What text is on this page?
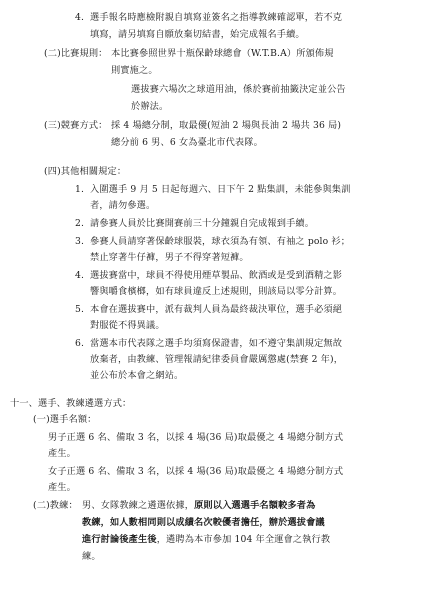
4. 選手報名時應檢附親自填寫並簽名之指導教練確認單，若不克
填寫，請另填寫自願放棄切結書，始完成報名手續。
(二)比賽規則： 本比賽參照世界十瓶保齡球總會（W.T.B.A）所頒佈規
則實施之。
選拔賽六場次之球道用油，係於賽前抽籤決定並公告
於辦法。
(三)競賽方式： 採 4 場總分制，取最優(短油 2 場與長油 2 場共 36 局)
總分前 6 男、6 女為臺北市代表隊。
(四)其他相關規定：
1. 入圍選手 9 月 5 日起每週六、日下午 2 點集訓，未能參與集訓
者，請勿參選。
2. 請參賽人員於比賽開賽前三十分鐘親自完成報到手續。
3. 參賽人員請穿著保齡球服裝，球衣須為有領、有袖之 polo 衫；
禁止穿著牛仔褲，男子不得穿著短褲。
4. 選拔賽當中，球員不得使用煙草製品、飲酒或是受到酒精之影
響與嚼食檳榔，如有球員違反上述規則，則該局以零分計算。
5. 本會在選拔賽中，派有裁判人員為最終裁決單位，選手必須絕
對服從不得異議。
6. 當選本市代表隊之選手均須寫保證書，如不遵守集訓規定無故
放棄者，由教練、管理報請紀律委員會嚴厲懲處(禁賽 2 年)，
並公布於本會之網站。
十一、選手、教練遴選方式：
(一)選手名額：
男子正選 6 名、備取 3 名，以採 4 場(36 局)取最優之 4 場總分制方式
產生。
女子正選 6 名、備取 3 名，以採 4 場(36 局)取最優之 4 場總分制方式
產生。
(二)教練： 男、女隊教練之遴選依據，原則以入選選手名額較多者為
教練，如人數相同則以成績名次較優者擔任，辦於選拔會議
進行討論後產生後，遴聘為本市參加 104 年全運會之執行教
練。
